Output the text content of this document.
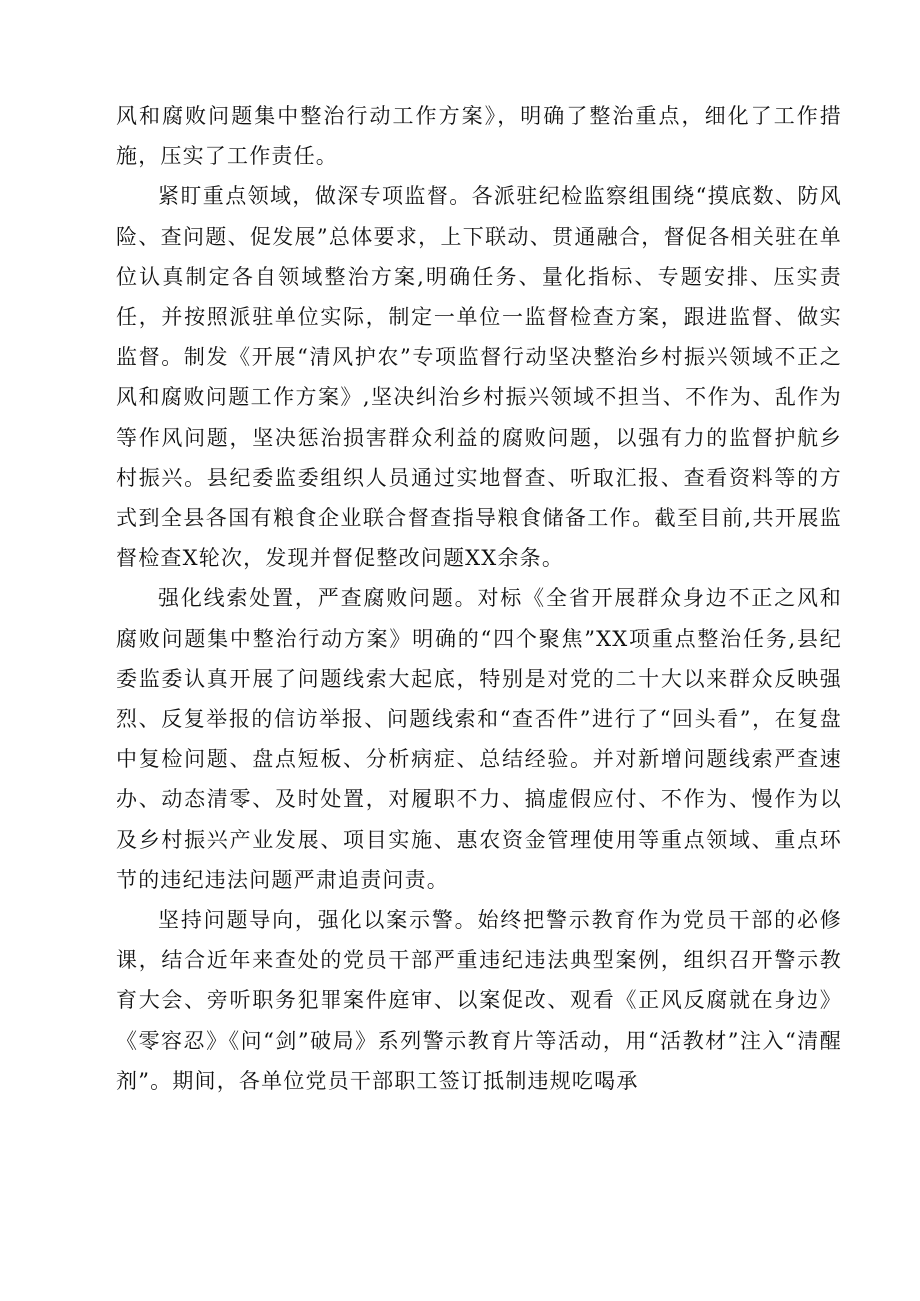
风和腐败问题集中整治行动工作方案》，明确了整治重点，细化了工作措施，压实了工作责任。

紧盯重点领域，做深专项监督。各派驻纪检监察组围绕“摸底数、防风险、查问题、促发展”总体要求，上下联动、贯通融合，督促各相关驻在单位认真制定各自领域整治方案,明确任务、量化指标、专题安排、压实责任，并按照派驻单位实际，制定一单位一监督检查方案，跟进监督、做实监督。制发《开展“清风护农”专项监督行动坚决整治乡村振兴领域不正之风和腐败问题工作方案》,坚决纠治乡村振兴领域不担当、不作为、乱作为等作风问题，坚决惩治损害群众利益的腐败问题，以强有力的监督护航乡村振兴。县纪委监委组织人员通过实地督查、听取汇报、查看资料等的方式到全县各国有粮食企业联合督查指导粮食储备工作。截至目前,共开展监督检查X轮次，发现并督促整改问题XX余条。

强化线索处置，严查腐败问题。对标《全省开展群众身边不正之风和腐败问题集中整治行动方案》明确的“四个聚焦”XX项重点整治任务,县纪委监委认真开展了问题线索大起底，特别是对党的二十大以来群众反映强烈、反复举报的信访举报、问题线索和“查否件”进行了“回头看”，在复盘中复检问题、盘点短板、分析病症、总结经验。并对新增问题线索严查速办、动态清零、及时处置，对履职不力、搞虚假应付、不作为、慢作为以及乡村振兴产业发展、项目实施、惠农资金管理使用等重点领域、重点环节的违纪违法问题严肃追责问责。

坚持问题导向，强化以案示警。始终把警示教育作为党员干部的必修课，结合近年来查处的党员干部严重违纪违法典型案例，组织召开警示教育大会、旁听职务犯罪案件庭审、以案促改、观看《正风反腐就在身边》《零容忍》《问“剑”破局》系列警示教育片等活动，用“活教材”注入“清醒剂”。期间，各单位党员干部职工签订抵制违规吃喝承
